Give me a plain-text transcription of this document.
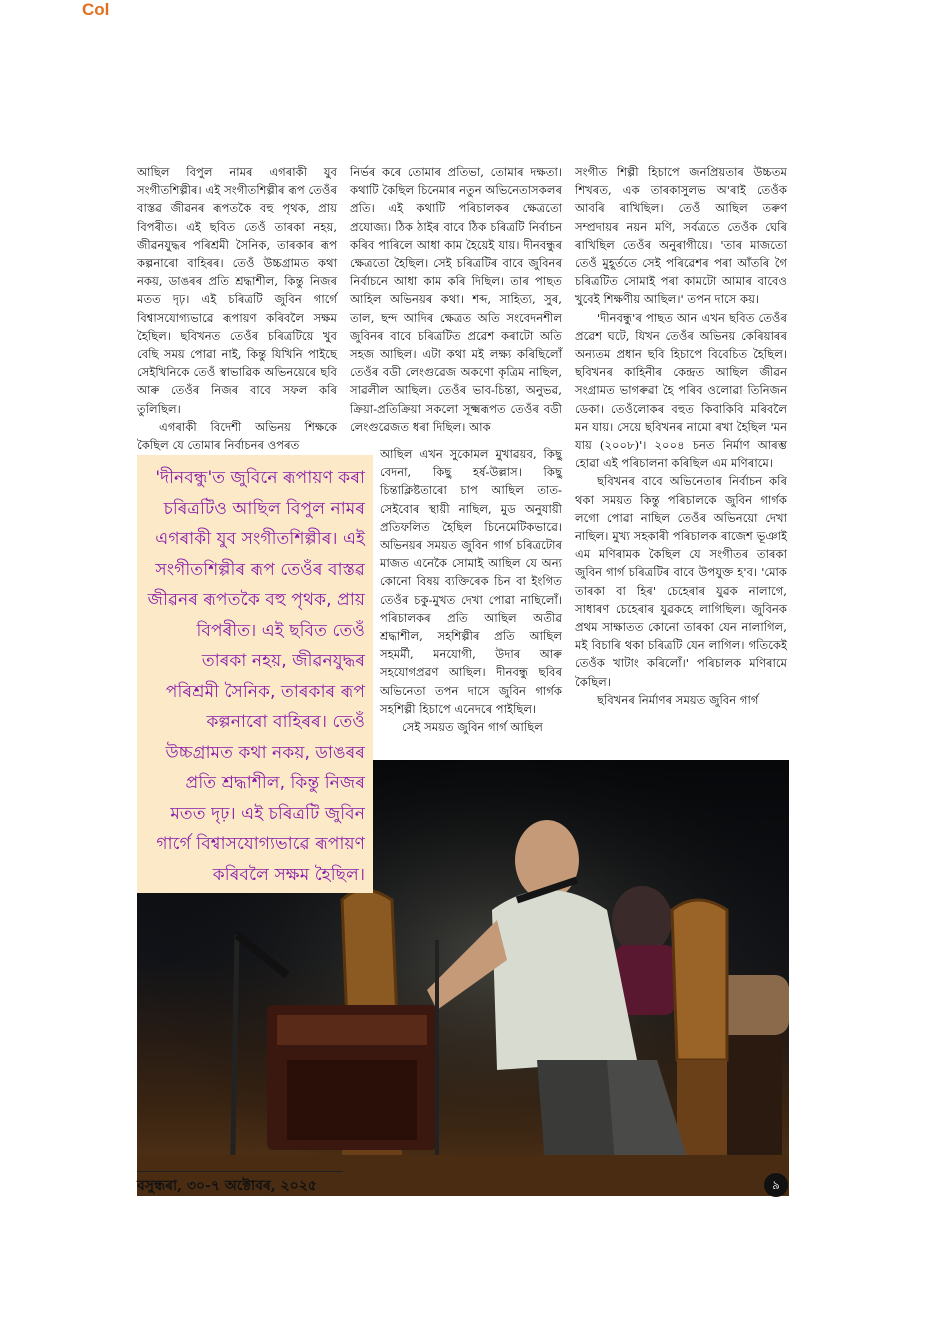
Col

আছিল বিপুল নামৰ এগৰাকী যুব সংগীতশিল্পীৰ। এই সংগীতশিল্পীৰ ৰূপ তেওঁৰ বাস্তৱ জীৱনৰ ৰূপতকৈ বহু পৃথক, প্ৰায় বিপৰীত। এই ছবিত তেওঁ তাৰকা নহয়, জীৱনযুদ্ধৰ পৰিশ্ৰমী সৈনিক, তাৰকাৰ ৰূপ কল্পনাৰো বাহিৰৰ। তেওঁ উচ্চগ্ৰামত কথা নকয়, ডাঙৰৰ প্ৰতি শ্ৰদ্ধাশীল, কিন্তু নিজৰ মতত দৃঢ়। এই চৰিত্ৰটি জুবিন গাৰ্গে বিশ্বাসযোগ্যভাৱে ৰূপায়ণ কৰিবলৈ সক্ষম হৈছিল। ছবিখনত তেওঁৰ চৰিত্ৰটিয়ে খুব বেছি সময় পোৱা নাই, কিন্তু যিখিনি পাইছে সেইখিনিকে তেওঁ স্বাভাৱিক অভিনয়েৰে ছবি আৰু তেওঁৰ নিজৰ বাবে সফল কৰি তুলিছিল।

এগৰাকী বিদেশী অভিনয় শিক্ষকে কৈছিল যে তোমাৰ নিৰ্বাচনৰ ওপৰত

নিৰ্ভৰ কৰে তোমাৰ প্ৰতিভা, তোমাৰ দক্ষতা। কথাটি কৈছিল চিনেমাৰ নতুন অভিনেতাসকলৰ প্ৰতি। এই কথাটি পৰিচালকৰ ক্ষেত্ৰতো প্ৰযোজ্য। ঠিক ঠাইৰ বাবে ঠিক চৰিত্ৰটি নিৰ্বাচন কৰিব পাৰিলে আধা কাম হৈয়েই যায়। দীনবন্ধুৰ ক্ষেত্ৰতো হৈছিল। সেই চৰিত্ৰটিৰ বাবে জুবিনৰ নিৰ্বাচনে আধা কাম কৰি দিছিল। তাৰ পাছত আহিল অভিনয়ৰ কথা। শব্দ, সাহিত্য, সুৰ, তাল, ছন্দ আদিৰ ক্ষেত্ৰত অতি সংবেদনশীল জুবিনৰ বাবে চৰিত্ৰটিত প্ৰৱেশ কৰাটো অতি সহজ আছিল। এটা কথা মই লক্ষ্য কৰিছিলোঁ তেওঁৰ বডী লেংগুৱেজ অকণো কৃত্ৰিম নাছিল, সাৱলীল আছিল। তেওঁৰ ভাব-চিন্তা, অনুভৱ, ক্ৰিয়া-প্ৰতিক্ৰিয়া সকলো সূক্ষ্মৰূপত তেওঁৰ বডী লেংগুৱেজত ধৰা দিছিল। আক

আছিল এখন সুকোমল মুখাৱয়ব, কিছু বেদনা, কিছু হৰ্ষ-উল্লাস। কিছু চিন্তাক্লিষ্টতাৰো চাপ আছিল তাত- সেইবোৰ স্থায়ী নাছিল, মুড অনুযায়ী প্ৰতিফলিত হৈছিল চিনেমেটিকভাৱে। অভিনয়ৰ সময়ত জুবিন গাৰ্গ চৰিত্ৰটোৰ মাজত এনেকৈ সোমাই আছিল যে অন্য কোনো বিষয় ব্যক্তিৰেক চিন বা ইংগিত তেওঁৰ চকু-মুখত দেখা পোৱা নাছিলোঁ। পৰিচালকৰ প্ৰতি আছিল অতীৱ শ্ৰদ্ধাশীল, সহশিল্পীৰ প্ৰতি আছিল সহমৰ্মী, মনযোগী, উদাৰ আৰু সহযোগপ্ৰৱণ আছিল। দীনবন্ধু ছবিৰ অভিনেতা তপন দাসে জুবিন গাৰ্গক সহশিল্পী হিচাপে এনেদৰে পাইছিল।

সেই সময়ত জুবিন গাৰ্গ আছিল

সংগীত শিল্পী হিচাপে জনপ্ৰিয়তাৰ উচ্চতম শিখৰত, এক তাৰকাসুলভ অ'ৰাই তেওঁক আবৰি ৰাখিছিল। তেওঁ আছিল তৰুণ সম্প্ৰদায়ৰ নয়ন মণি, সৰ্বত্ৰতে তেওঁক ঘেৰি ৰাখিছিল তেওঁৰ অনুৰাগীয়ে। 'তাৰ মাজতো তেওঁ মুহূৰ্ততে সেই পৰিৱেশৰ পৰা আঁতৰি গৈ চৰিত্ৰটিত সোমাই পৰা কামটো আমাৰ বাবেও খুবেই শিক্ষণীয় আছিল।' তপন দাসে কয়।

'দীনবন্ধু'ৰ পাছত আন এখন ছবিত তেওঁৰ প্ৰৱেশ ঘটে, যিখন তেওঁৰ অভিনয় কেৰিয়াৰৰ অন্যতম প্ৰধান ছবি হিচাপে বিবেচিত হৈছিল। ছবিখনৰ কাহিনীৰ কেন্দ্ৰত আছিল জীৱন সংগ্ৰামত ভাগৰুৱা হৈ পৰিব ওলোৱা তিনিজন ডেকা। তেওঁলোকৰ বহুত কিবাকিবি মৰিবলৈ মন যায়। সেয়ে ছবিখনৰ নামো ৰখা হৈছিল 'মন যায় (২০০৮)'। ২০০৪ চনত নিৰ্মাণ আৰম্ভ হোৱা এই পৰিচালনা কৰিছিল এম মণিৰামে।

ছবিখনৰ বাবে অভিনেতাৰ নিৰ্বাচন কৰি থকা সময়ত কিন্তু পৰিচালকে জুবিন গাৰ্গক লগো পোৱা নাছিল তেওঁৰ অভিনয়ো দেখা নাছিল। মুখ্য সহকাৰী পৰিচালক ৰাজেশ ভূঞাই এম মণিৰামক কৈছিল যে সংগীতৰ তাৰকা জুবিন গাৰ্গ চৰিত্ৰটিৰ বাবে উপযুক্ত হ'ব। 'মোক তাৰকা বা হিৰ' চেহেৰাৰ যুৱক নালাগে, সাধাৰণ চেহেৰাৰ যুৱকহে লাগিছিল। জুবিনক প্ৰথম সাক্ষাতত কোনো তাৰকা যেন নালাগিল, মই বিচাৰি থকা চৰিত্ৰটি যেন লাগিল। গতিকেই তেওঁক খাটাং কৰিলোঁ।' পৰিচালক মণিৰামে কৈছিল।

ছবিখনৰ নিৰ্মাণৰ সময়ত জুবিন গাৰ্গ

'দীনবন্ধু'ত জুবিনে ৰূপায়ণ কৰা চৰিত্ৰটিও আছিল বিপুল নামৰ এগৰাকী যুব সংগীতশিল্পীৰ। এই সংগীতশিল্পীৰ ৰূপ তেওঁৰ বাস্তৱ জীৱনৰ ৰূপতকৈ বহু পৃথক, প্ৰায় বিপৰীত। এই ছবিত তেওঁ তাৰকা নহয়, জীৱনযুদ্ধৰ পৰিশ্ৰমী সৈনিক, তাৰকাৰ ৰূপ কল্পনাৰো বাহিৰৰ। তেওঁ উচ্চগ্ৰামত কথা নকয়, ডাঙৰৰ প্ৰতি শ্ৰদ্ধাশীল, কিন্তু নিজৰ মতত দৃঢ়। এই চৰিত্ৰটি জুবিন গাৰ্গে বিশ্বাসযোগ্যভাৱে ৰূপায়ণ কৰিবলৈ সক্ষম হৈছিল।
বসুন্ধৰা, ৩০-৭ অক্টোবৰ, ২০২৫	৯
